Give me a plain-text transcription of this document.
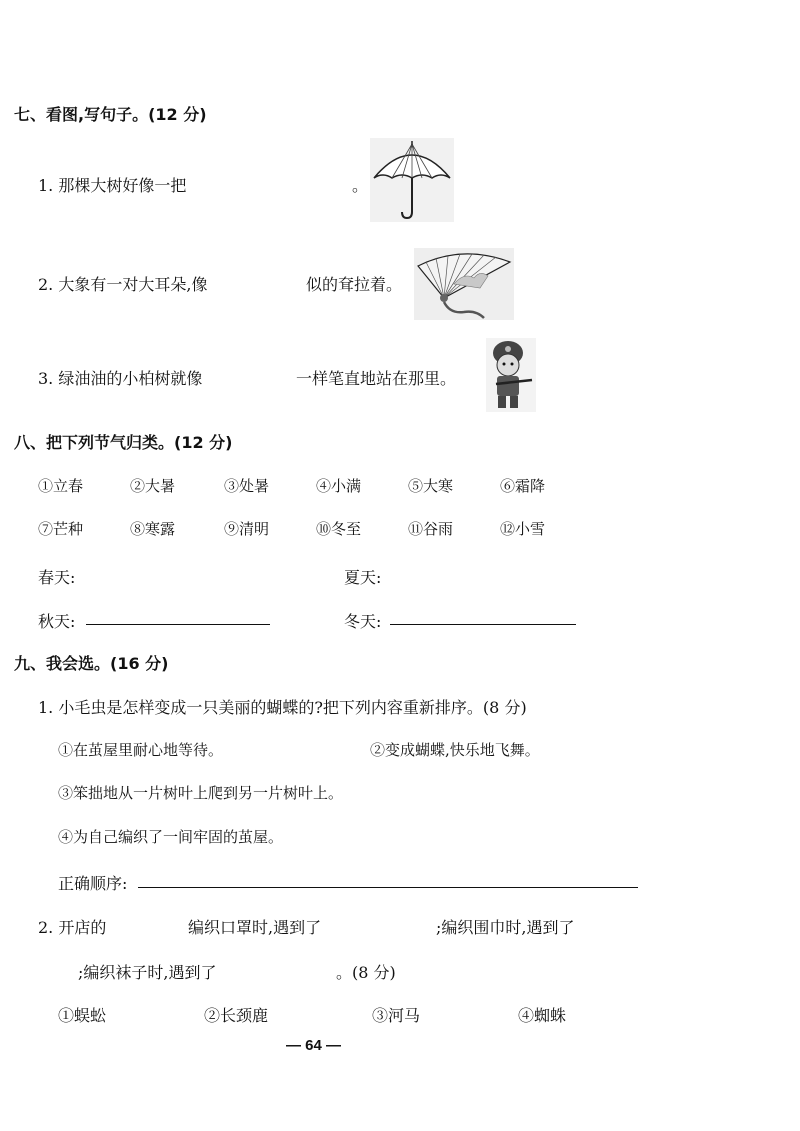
七、看图,写句子。(12 分)
1. 那棵大树好像一把	。
2. 大象有一对大耳朵,像	似的耷拉着。
3. 绿油油的小柏树就像	一样笔直地站在那里。
八、把下列节气归类。(12 分)
①立春	②大暑	③处暑	④小满	⑤大寒	⑥霜降
⑦芒种	⑧寒露	⑨清明	⑩冬至	⑪谷雨	⑫小雪
春天:	夏天:
秋天:	冬天:
九、我会选。(16 分)
1. 小毛虫是怎样变成一只美丽的蝴蝶的?把下列内容重新排序。(8 分)
①在茧屋里耐心地等待。	②变成蝴蝶,快乐地飞舞。
③笨拙地从一片树叶上爬到另一片树叶上。
④为自己编织了一间牢固的茧屋。
正确顺序:
2. 开店的	编织口罩时,遇到了	;编织围巾时,遇到了
;编织袜子时,遇到了	。(8 分)
①蜈蚣	②长颈鹿	③河马	④蜘蛛
— 64 —
